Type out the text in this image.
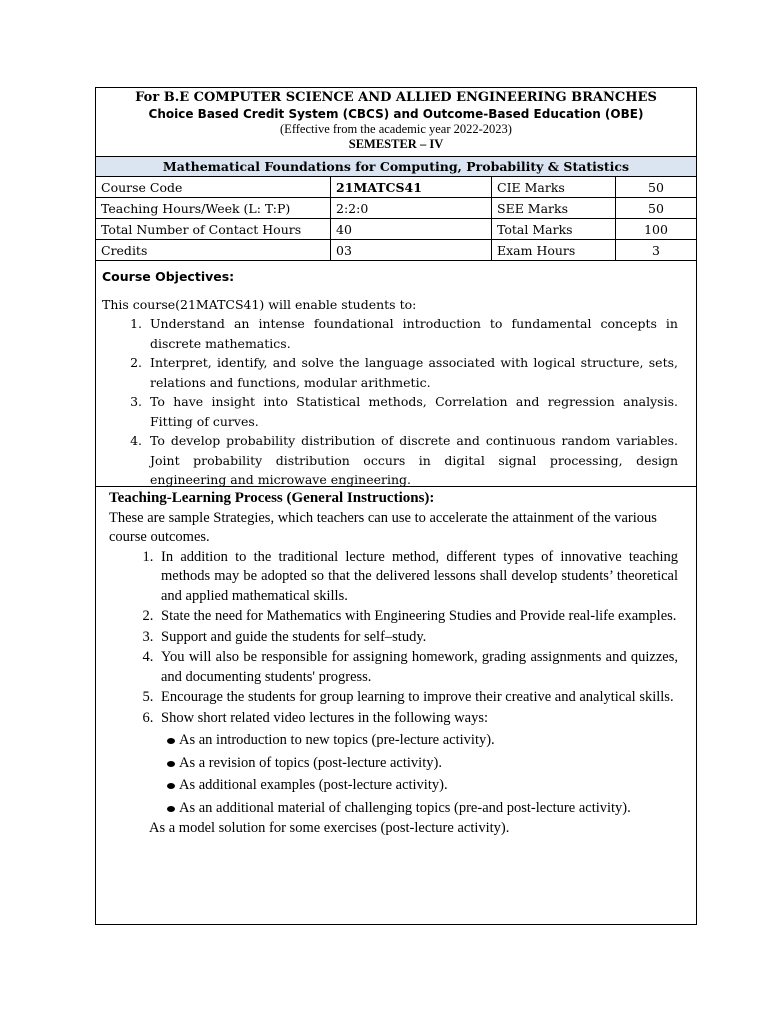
For B.E COMPUTER SCIENCE AND ALLIED ENGINEERING BRANCHES
Choice Based Credit System (CBCS) and Outcome-Based Education (OBE)
(Effective from the academic year 2022-2023)
SEMESTER – IV
Mathematical Foundations for Computing, Probability & Statistics
Course Code	21MATCS41	CIE Marks	50
Teaching Hours/Week (L: T:P)	2:2:0	SEE Marks	50
Total Number of Contact Hours	40	Total Marks	100
Credits	03	Exam Hours	3
Course Objectives:
This course(21MATCS41) will enable students to:
1. Understand an intense foundational introduction to fundamental concepts in discrete mathematics.
2. Interpret, identify, and solve the language associated with logical structure, sets, relations and functions, modular arithmetic.
3. To have insight into Statistical methods, Correlation and regression analysis. Fitting of curves.
4. To develop probability distribution of discrete and continuous random variables. Joint probability distribution occurs in digital signal processing, design engineering and microwave engineering.
Teaching-Learning Process (General Instructions):
These are sample Strategies, which teachers can use to accelerate the attainment of the various course outcomes.
1. In addition to the traditional lecture method, different types of innovative teaching methods may be adopted so that the delivered lessons shall develop students’ theoretical and applied mathematical skills.
2. State the need for Mathematics with Engineering Studies and Provide real-life examples.
3. Support and guide the students for self–study.
4. You will also be responsible for assigning homework, grading assignments and quizzes, and documenting students' progress.
5. Encourage the students for group learning to improve their creative and analytical skills.
6. Show short related video lectures in the following ways:
As an introduction to new topics (pre-lecture activity).
As a revision of topics (post-lecture activity).
As additional examples (post-lecture activity).
As an additional material of challenging topics (pre-and post-lecture activity).
As a model solution for some exercises (post-lecture activity).
